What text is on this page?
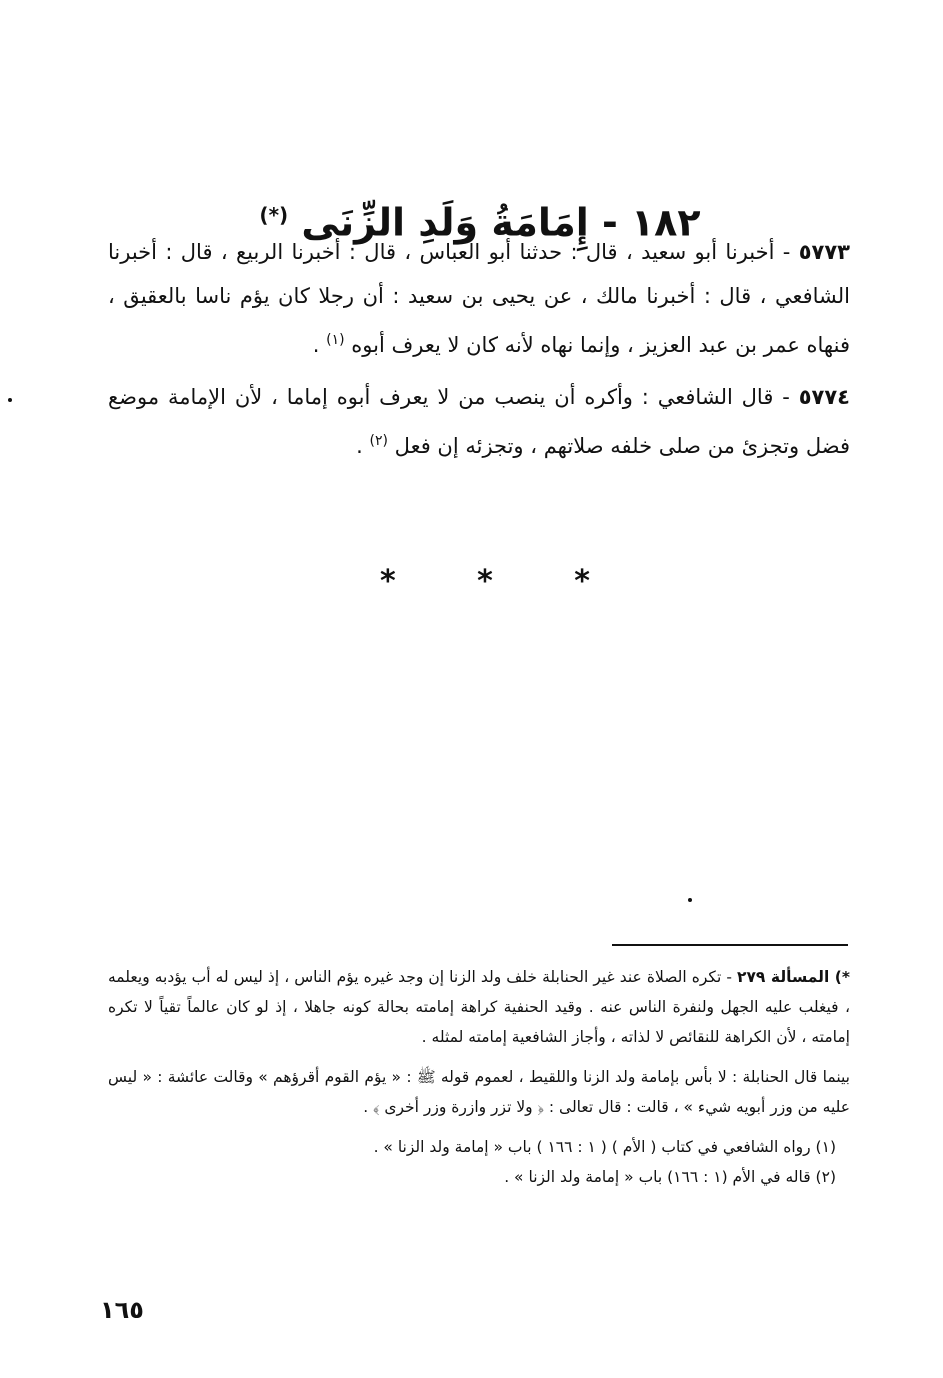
١٨٢ - إِمَامَةُ وَلَدِ الزِّنَى (*)

٥٧٧٣ - أخبرنا أبو سعيد ، قال : حدثنا أبو العباس ، قال : أخبرنا الربيع ، قال : أخبرنا الشافعي ، قال : أخبرنا مالك ، عن يحيى بن سعيد : أن رجلا كان يؤم ناسا بالعقيق ، فنهاه عمر بن عبد العزيز ، وإنما نهاه لأنه كان لا يعرف أبوه $^{(١)}$ .

٥٧٧٤ - قال الشافعي : وأكره أن ينصب من لا يعرف أبوه إماما ، لأن الإمامة موضع فضل وتجزئ من صلى خلفه صلاتهم ، وتجزئه إن فعل $^{(٢)}$ .

*	*	*

*) المسألة ٢٧٩ - تكره الصلاة عند غير الحنابلة خلف ولد الزنا إن وجد غيره يؤم الناس ، إذ ليس له أب يؤدبه ويعلمه ، فيغلب عليه الجهل ولنفرة الناس عنه . وقيد الحنفية كراهة إمامته بحالة كونه جاهلا ، إذ لو كان عالماً تقياً لا تكره إمامته ، لأن الكراهة للنقائص لا لذاته ، وأجاز الشافعية إمامته لمثله .

بينما قال الحنابلة : لا بأس بإمامة ولد الزنا واللقيط ، لعموم قوله ﷺ : « يؤم القوم أقرؤهم » وقالت عائشة : « ليس عليه من وزر أبويه شيء » ، قالت : قال تعالى : ﴿ ولا تزر وازرة وزر أخرى ﴾ .

(١) رواه الشافعي في كتاب ( الأم ) ( ١ : ١٦٦ ) باب « إمامة ولد الزنا » .

(٢) قاله في الأم (١ : ١٦٦) باب « إمامة ولد الزنا » .

١٦٥
